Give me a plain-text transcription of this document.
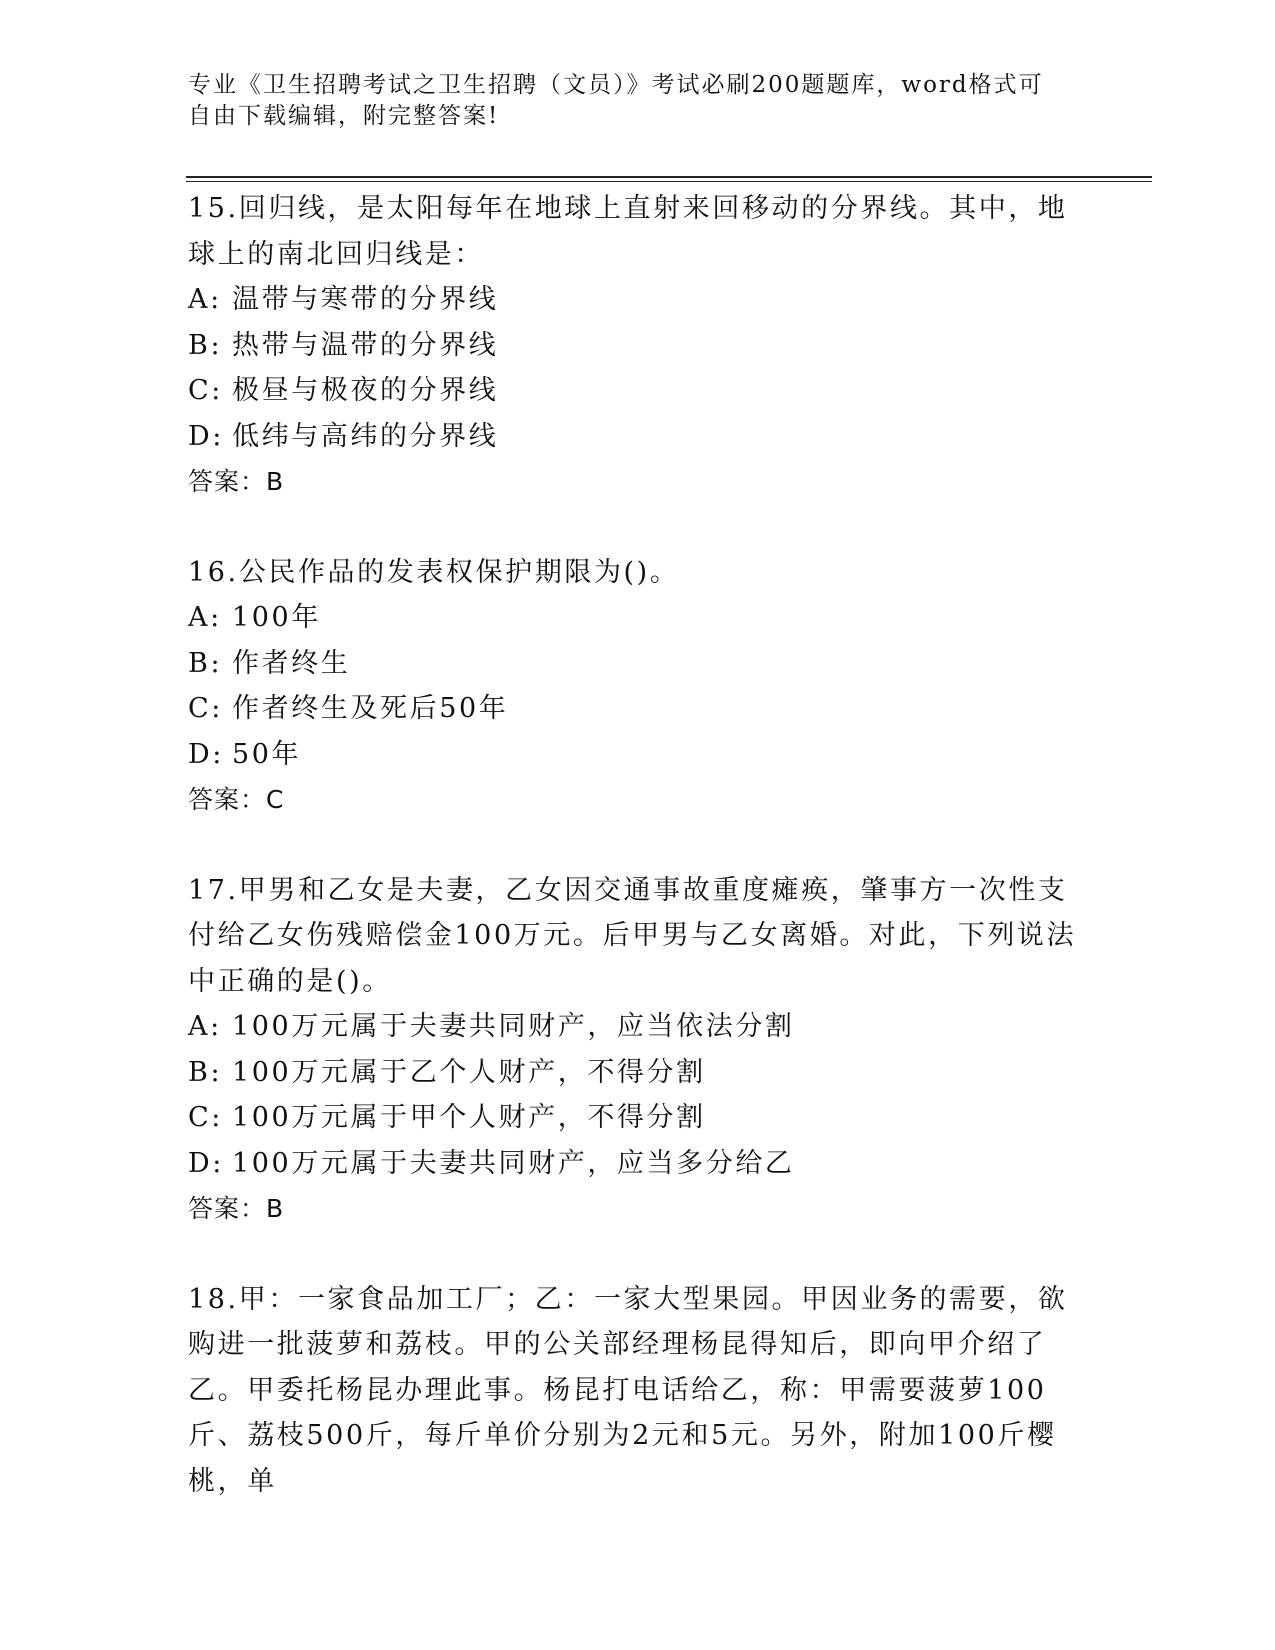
专业《卫生招聘考试之卫生招聘（文员）》考试必刷200题题库，word格式可自由下载编辑，附完整答案!

15.回归线，是太阳每年在地球上直射来回移动的分界线。其中，地球上的南北回归线是：

A: 温带与寒带的分界线

B: 热带与温带的分界线

C: 极昼与极夜的分界线

D: 低纬与高纬的分界线

答案：B

16.公民作品的发表权保护期限为()。

A: 100年

B: 作者终生

C: 作者终生及死后50年

D: 50年

答案：C

17.甲男和乙女是夫妻，乙女因交通事故重度瘫痪，肇事方一次性支付给乙女伤残赔偿金100万元。后甲男与乙女离婚。对此，下列说法中正确的是()。

A: 100万元属于夫妻共同财产，应当依法分割

B: 100万元属于乙个人财产，不得分割

C: 100万元属于甲个人财产，不得分割

D: 100万元属于夫妻共同财产，应当多分给乙

答案：B

18.甲：一家食品加工厂；乙：一家大型果园。甲因业务的需要，欲购进一批菠萝和荔枝。甲的公关部经理杨昆得知后，即向甲介绍了乙。甲委托杨昆办理此事。杨昆打电话给乙，称：甲需要菠萝100斤、荔枝500斤，每斤单价分别为2元和5元。另外，附加100斤樱桃，单
